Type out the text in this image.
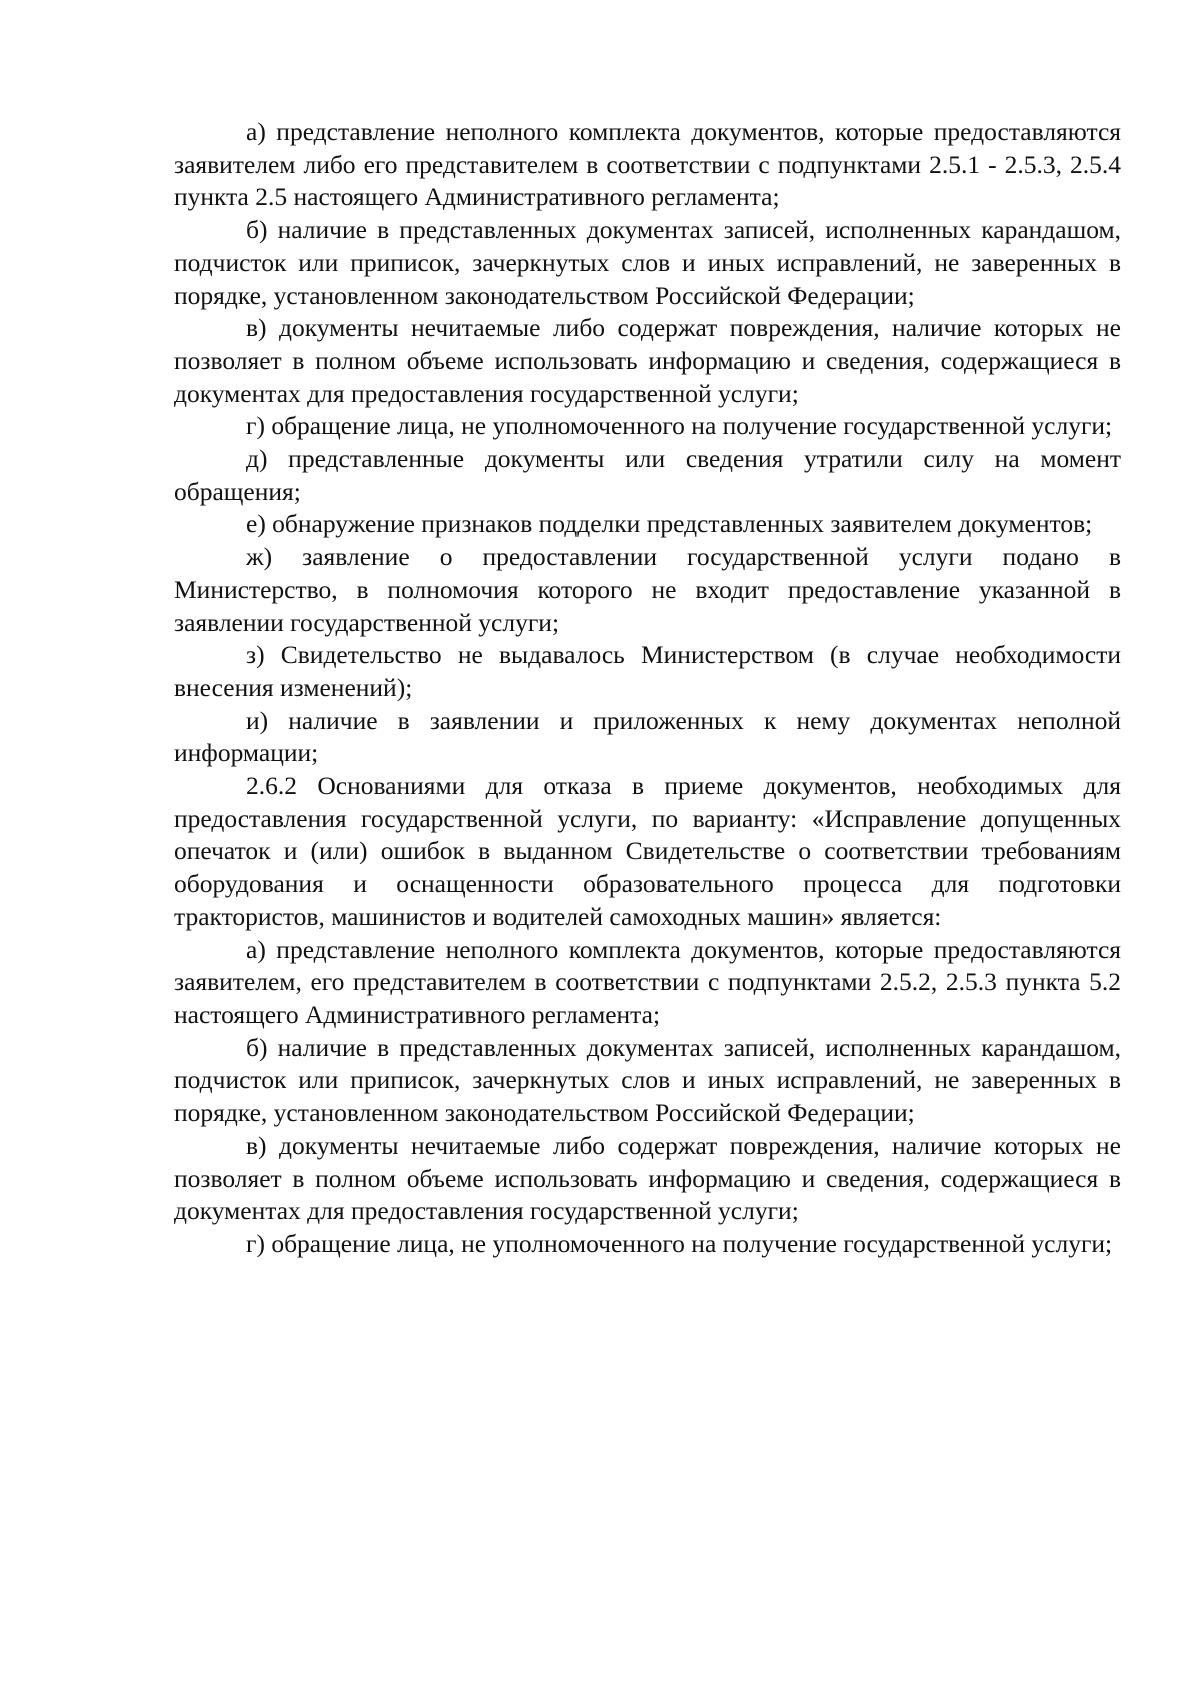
а) представление неполного комплекта документов, которые предоставляются заявителем либо его представителем в соответствии с подпунктами 2.5.1 - 2.5.3, 2.5.4 пункта 2.5 настоящего Административного регламента;

б) наличие в представленных документах записей, исполненных карандашом, подчисток или приписок, зачеркнутых слов и иных исправлений, не заверенных в порядке, установленном законодательством Российской Федерации;

в) документы нечитаемые либо содержат повреждения, наличие которых не позволяет в полном объеме использовать информацию и сведения, содержащиеся в документах для предоставления государственной услуги;

г) обращение лица, не уполномоченного на получение государственной услуги;

д) представленные документы или сведения утратили силу на момент обращения;

е) обнаружение признаков подделки представленных заявителем документов;

ж) заявление о предоставлении государственной услуги подано в Министерство, в полномочия которого не входит предоставление указанной в заявлении государственной услуги;

з) Свидетельство не выдавалось Министерством (в случае необходимости внесения изменений);

и) наличие в заявлении и приложенных к нему документах неполной информации;

2.6.2 Основаниями для отказа в приеме документов, необходимых для предоставления государственной услуги, по варианту: «Исправление допущенных опечаток и (или) ошибок в выданном Свидетельстве о соответствии требованиям оборудования и оснащенности образовательного процесса для подготовки трактористов, машинистов и водителей самоходных машин» является:

а) представление неполного комплекта документов, которые предоставляются заявителем, его представителем в соответствии с подпунктами 2.5.2, 2.5.3 пункта 5.2 настоящего Административного регламента;

б) наличие в представленных документах записей, исполненных карандашом, подчисток или приписок, зачеркнутых слов и иных исправлений, не заверенных в порядке, установленном законодательством Российской Федерации;

в) документы нечитаемые либо содержат повреждения, наличие которых не позволяет в полном объеме использовать информацию и сведения, содержащиеся в документах для предоставления государственной услуги;

г) обращение лица, не уполномоченного на получение государственной услуги;
